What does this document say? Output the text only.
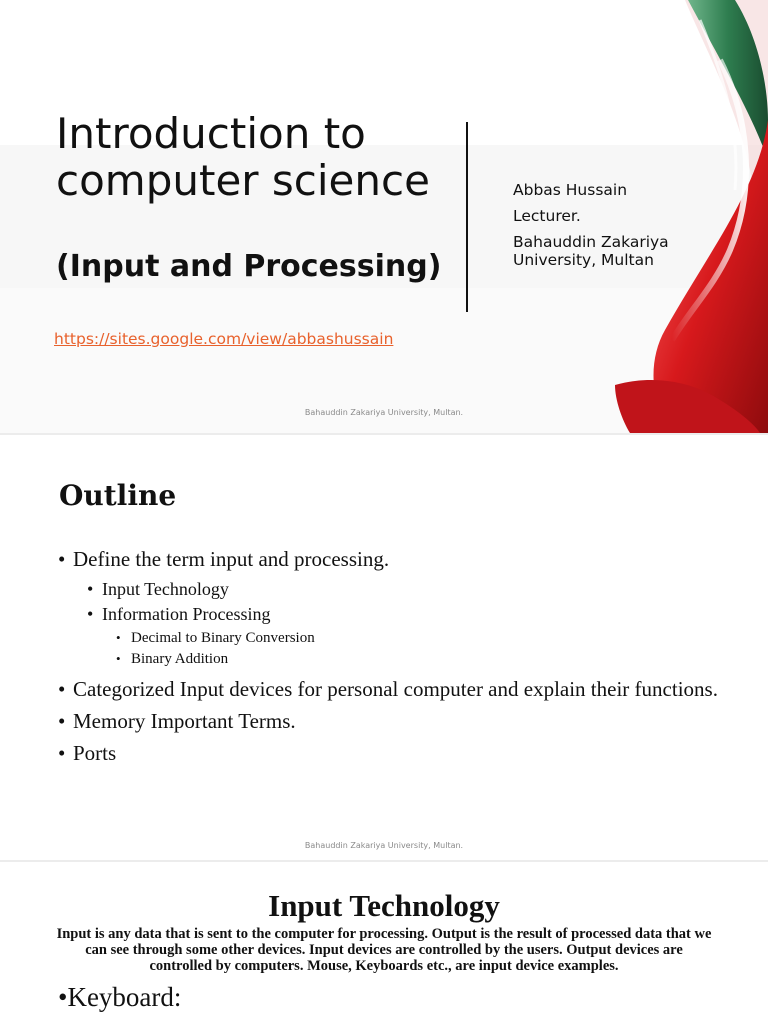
Introduction to computer science
(Input and Processing)
https://sites.google.com/view/abbashussain
Abbas Hussain
Lecturer.
Bahauddin Zakariya University, Multan
Bahauddin Zakariya University, Multan.
Outline
• Define the term input and processing.
• Input Technology
• Information Processing
• Decimal to Binary Conversion
• Binary Addition
• Categorized Input devices for personal computer and explain their functions.
• Memory Important Terms.
• Ports
Bahauddin Zakariya University, Multan.
Input Technology
Input is any data that is sent to the computer for processing. Output is the result of processed data that we can see through some other devices. Input devices are controlled by the users. Output devices are controlled by computers. Mouse, Keyboards etc., are input device examples.
•Keyboard:
